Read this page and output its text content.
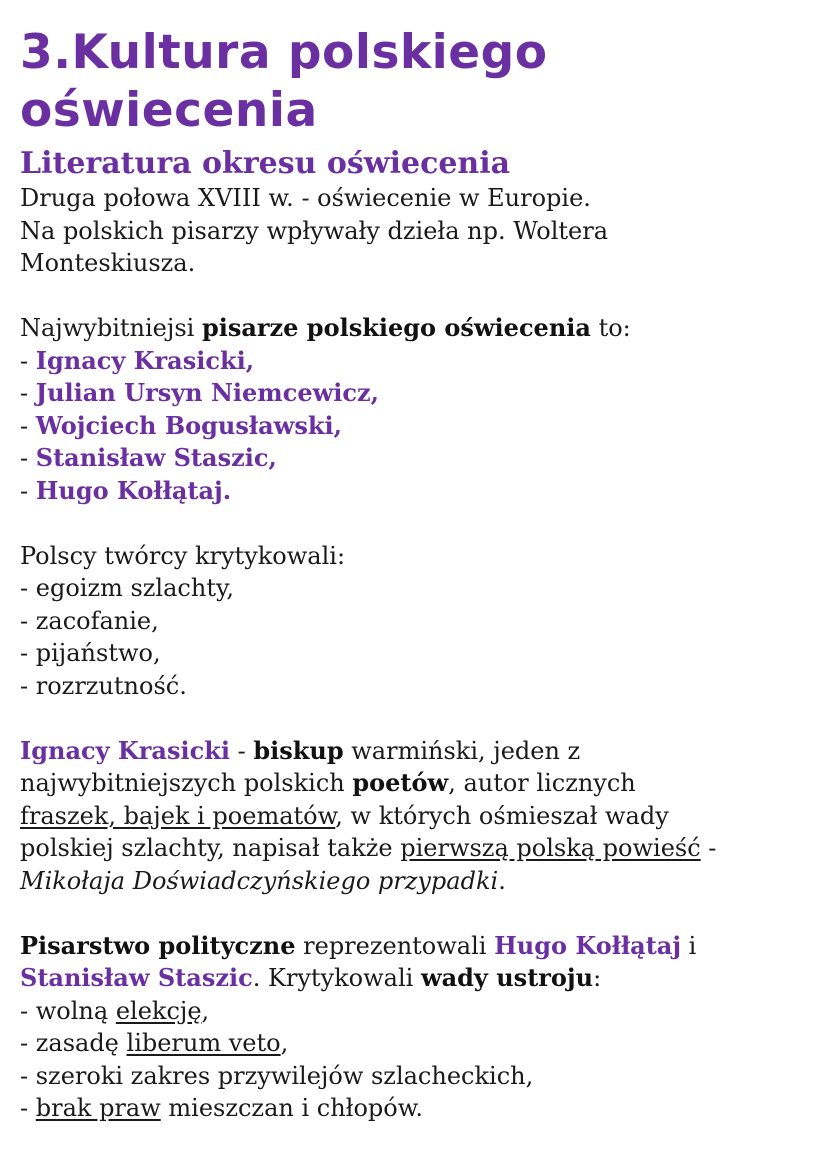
3.Kultura polskiego oświecenia
Literatura okresu oświecenia

Druga połowa XVIII w. - oświecenie w Europie.

Na polskich pisarzy wpływały dzieła np. Woltera

Monteskiusza.

Najwybitniejsi pisarze polskiego oświecenia to:

- Ignacy Krasicki,
- Julian Ursyn Niemcewicz,
- Wojciech Bogusławski,
- Stanisław Staszic,
- Hugo Kołłątaj.

Polscy twórcy krytykowali:

- egoizm szlachty,
- zacofanie,
- pijaństwo,
- rozrzutność.

Ignacy Krasicki - biskup warmiński, jeden z

najwybitniejszych polskich poetów, autor licznych

fraszek, bajek i poematów, w których ośmieszał wady

polskiej szlachty, napisał także pierwszą polską powieść -

Mikołaja Doświadczyńskiego przypadki.

Pisarstwo polityczne reprezentowali Hugo Kołłątaj i

Stanisław Staszic. Krytykowali wady ustroju:

- wolną elekcję,

- zasadę liberum veto,

- szeroki zakres przywilejów szlacheckich,

- brak praw mieszczan i chłopów.
